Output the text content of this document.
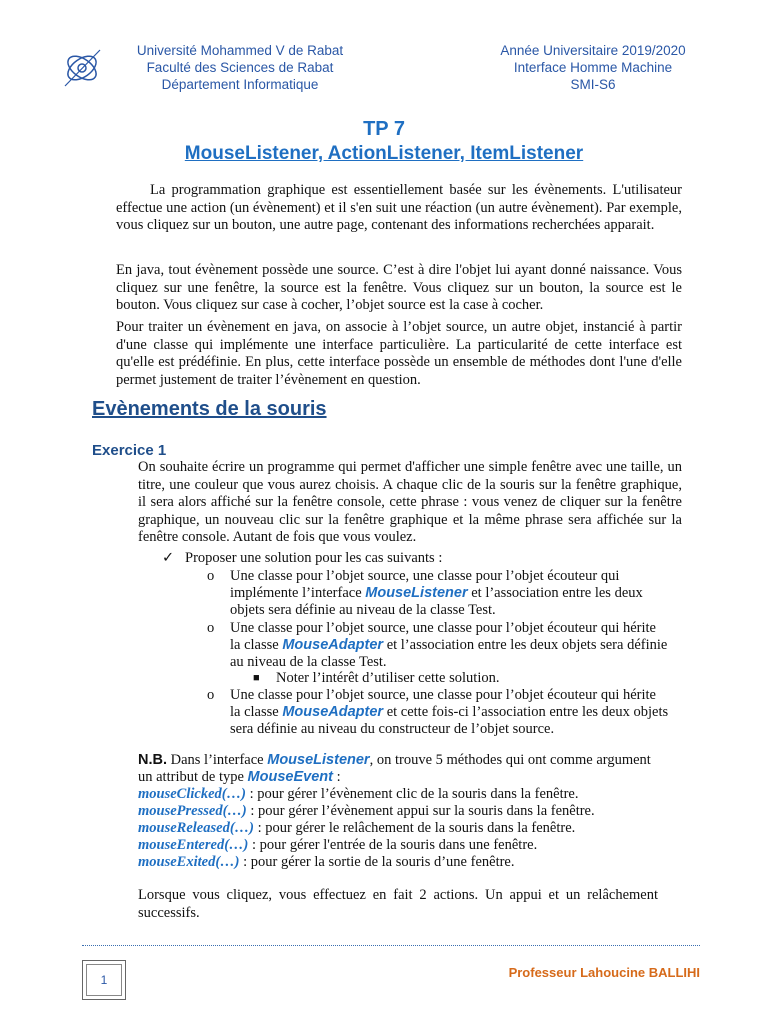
Université Mohammed V de Rabat
Faculté des Sciences de Rabat
Département Informatique
Année Universitaire 2019/2020
Interface Homme Machine
SMI-S6
TP 7
MouseListener, ActionListener, ItemListener

La programmation graphique est essentiellement basée sur les évènements. L'utilisateur effectue une action (un évènement) et il s'en suit une réaction (un autre évènement). Par exemple, vous cliquez sur un bouton, une autre page, contenant des informations recherchées apparait.

En java, tout évènement possède une source. C’est à dire l'objet lui ayant donné naissance. Vous cliquez sur une fenêtre, la source est la fenêtre. Vous cliquez sur un bouton, la source est le bouton. Vous cliquez sur case à cocher, l’objet source est la case à cocher.

Pour traiter un évènement en java, on associe à l’objet source, un autre objet, instancié à partir d'une classe qui implémente une interface particulière. La particularité de cette interface est qu'elle est prédéfinie. En plus, cette interface possède un ensemble de méthodes dont l'une d'elle permet justement de traiter l’évènement en question.

Evènements de la souris
Exercice 1

On souhaite écrire un programme qui permet d'afficher une simple fenêtre avec une taille, un titre, une couleur que vous aurez choisis. A chaque clic de la souris sur la fenêtre graphique, il sera alors affiché sur la fenêtre console, cette phrase : vous venez de cliquer sur la fenêtre graphique, un nouveau clic sur la fenêtre graphique et la même phrase sera affichée sur la fenêtre console. Autant de fois que vous voulez.

✓ Proposer une solution pour les cas suivants :

o Une classe pour l’objet source, une classe pour l’objet écouteur qui

implémente l’interface MouseListener et l’association entre les deux

objets sera définie au niveau de la classe Test.

o Une classe pour l’objet source, une classe pour l’objet écouteur qui hérite

la classe MouseAdapter et l’association entre les deux objets sera définie

au niveau de la classe Test.

■ Noter l’intérêt d’utiliser cette solution.

o Une classe pour l’objet source, une classe pour l’objet écouteur qui hérite

la classe MouseAdapter et cette fois-ci l’association entre les deux objets

sera définie au niveau du constructeur de l’objet source.

N.B. Dans l’interface MouseListener, on trouve 5 méthodes qui ont comme argument

un attribut de type MouseEvent :

mouseClicked(…) : pour gérer l’évènement clic de la souris dans la fenêtre.

mousePressed(…) : pour gérer l’évènement appui sur la souris dans la fenêtre.

mouseReleased(…) : pour gérer le relâchement de la souris dans la fenêtre.

mouseEntered(…) : pour gérer l'entrée de la souris dans une fenêtre.

mouseExited(…) : pour gérer la sortie de la souris d’une fenêtre.

Lorsque vous cliquez, vous effectuez en fait 2 actions. Un appui et un relâchement successifs.

1	Professeur Lahoucine BALLIHI
